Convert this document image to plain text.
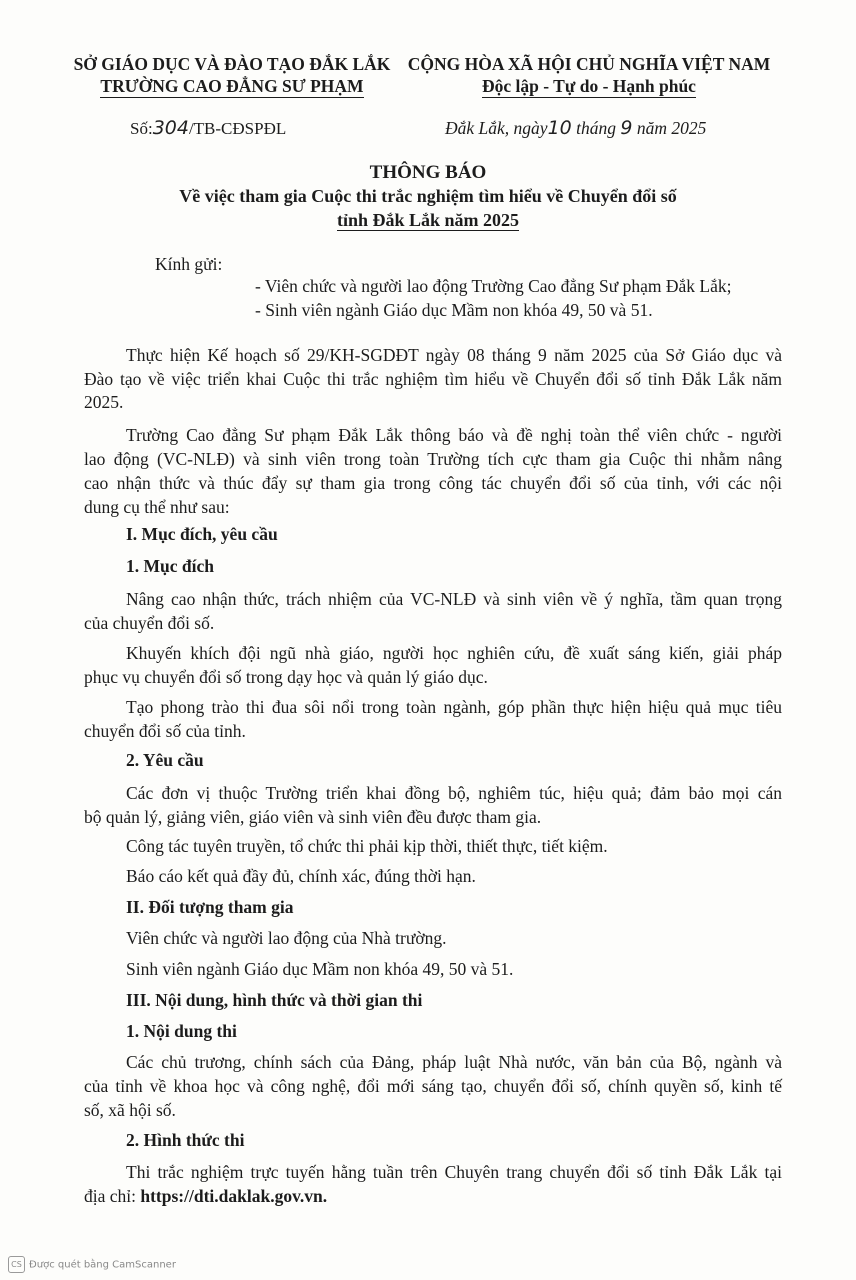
SỞ GIÁO DỤC VÀ ĐÀO TẠO ĐẮK LẮK
TRƯỜNG CAO ĐẲNG SƯ PHẠM
CỘNG HÒA XÃ HỘI CHỦ NGHĨA VIỆT NAM
Độc lập - Tự do - Hạnh phúc
Số:304/TB-CĐSPĐL	Đắk Lắk, ngày10 tháng 9 năm 2025
THÔNG BÁO
Về việc tham gia Cuộc thi trắc nghiệm tìm hiểu về Chuyển đổi số
tỉnh Đắk Lắk năm 2025
Kính gửi:
- Viên chức và người lao động Trường Cao đẳng Sư phạm Đắk Lắk;
- Sinh viên ngành Giáo dục Mầm non khóa 49, 50 và 51.
Thực hiện Kế hoạch số 29/KH-SGDĐT ngày 08 tháng 9 năm 2025 của Sở Giáo dục và
Đào tạo về việc triển khai Cuộc thi trắc nghiệm tìm hiểu về Chuyển đổi số tỉnh Đắk Lắk năm
2025.
Trường Cao đẳng Sư phạm Đắk Lắk thông báo và đề nghị toàn thể viên chức - người
lao động (VC-NLĐ) và sinh viên trong toàn Trường tích cực tham gia Cuộc thi nhằm nâng
cao nhận thức và thúc đẩy sự tham gia trong công tác chuyển đổi số của tỉnh, với các nội
dung cụ thể như sau:
I. Mục đích, yêu cầu
1. Mục đích
Nâng cao nhận thức, trách nhiệm của VC-NLĐ và sinh viên về ý nghĩa, tầm quan trọng
của chuyển đổi số.
Khuyến khích đội ngũ nhà giáo, người học nghiên cứu, đề xuất sáng kiến, giải pháp
phục vụ chuyển đổi số trong dạy học và quản lý giáo dục.
Tạo phong trào thi đua sôi nổi trong toàn ngành, góp phần thực hiện hiệu quả mục tiêu
chuyển đổi số của tỉnh.
2. Yêu cầu
Các đơn vị thuộc Trường triển khai đồng bộ, nghiêm túc, hiệu quả; đảm bảo mọi cán
bộ quản lý, giảng viên, giáo viên và sinh viên đều được tham gia.
Công tác tuyên truyền, tổ chức thi phải kịp thời, thiết thực, tiết kiệm.
Báo cáo kết quả đầy đủ, chính xác, đúng thời hạn.
II. Đối tượng tham gia
Viên chức và người lao động của Nhà trường.
Sinh viên ngành Giáo dục Mầm non khóa 49, 50 và 51.
III. Nội dung, hình thức và thời gian thi
1. Nội dung thi
Các chủ trương, chính sách của Đảng, pháp luật Nhà nước, văn bản của Bộ, ngành và
của tỉnh về khoa học và công nghệ, đổi mới sáng tạo, chuyển đổi số, chính quyền số, kinh tế
số, xã hội số.
2. Hình thức thi
Thi trắc nghiệm trực tuyến hằng tuần trên Chuyên trang chuyển đổi số tỉnh Đắk Lắk tại
địa chỉ: https://dti.daklak.gov.vn.
CS Được quét bằng CamScanner
